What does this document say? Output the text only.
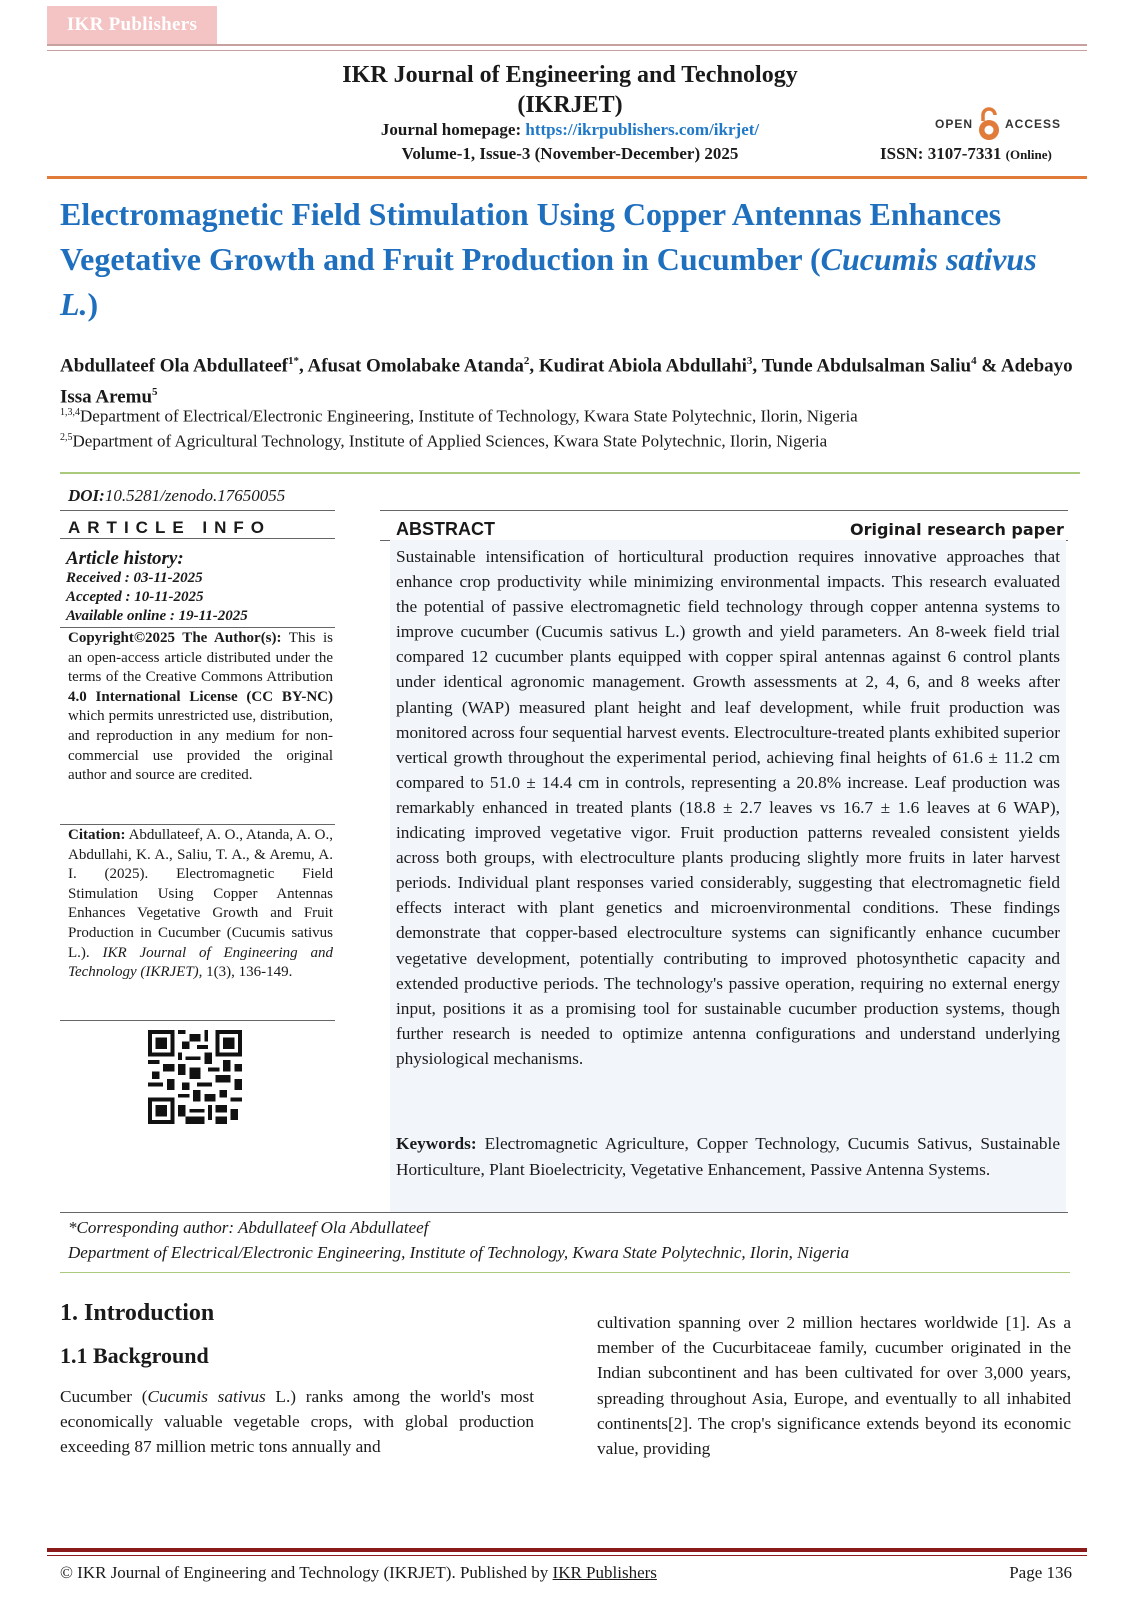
IKR Publishers
IKR Journal of Engineering and Technology
(IKRJET)
Journal homepage: https://ikrpublishers.com/ikrjet/
Volume-1, Issue-3 (November-December) 2025
OPEN	ACCESS
ISSN: 3107-7331 (Online)
Electromagnetic Field Stimulation Using Copper Antennas Enhances Vegetative Growth and Fruit Production in Cucumber (Cucumis sativus L.)
Abdullateef Ola Abdullateef$^{1*}$, Afusat Omolabake Atanda$^2$, Kudirat Abiola Abdullahi$^3$, Tunde Abdulsalman Saliu$^4$ & Adebayo Issa Aremu$^5$
$^{1,3,4}$Department of Electrical/Electronic Engineering, Institute of Technology, Kwara State Polytechnic, Ilorin, Nigeria
$^{2,5}$Department of Agricultural Technology, Institute of Applied Sciences, Kwara State Polytechnic, Ilorin, Nigeria
DOI:10.5281/zenodo.17650055
ARTICLE INFO
Article history:
Received : 03-11-2025
Accepted : 10-11-2025
Available online : 19-11-2025
Copyright©2025 The Author(s): This is an open-access article distributed under the terms of the Creative Commons Attribution 4.0 International License (CC BY-NC) which permits unrestricted use, distribution, and reproduction in any medium for non-commercial use provided the original author and source are credited.
Citation: Abdullateef, A. O., Atanda, A. O., Abdullahi, K. A., Saliu, T. A., & Aremu, A. I. (2025). Electromagnetic Field Stimulation Using Copper Antennas Enhances Vegetative Growth and Fruit Production in Cucumber (Cucumis sativus L.). IKR Journal of Engineering and Technology (IKRJET), 1(3), 136-149.
ABSTRACT	Original research paper
Sustainable intensification of horticultural production requires innovative approaches that enhance crop productivity while minimizing environmental impacts. This research evaluated the potential of passive electromagnetic field technology through copper antenna systems to improve cucumber (Cucumis sativus L.) growth and yield parameters. An 8-week field trial compared 12 cucumber plants equipped with copper spiral antennas against 6 control plants under identical agronomic management. Growth assessments at 2, 4, 6, and 8 weeks after planting (WAP) measured plant height and leaf development, while fruit production was monitored across four sequential harvest events. Electroculture-treated plants exhibited superior vertical growth throughout the experimental period, achieving final heights of 61.6 ± 11.2 cm compared to 51.0 ± 14.4 cm in controls, representing a 20.8% increase. Leaf production was remarkably enhanced in treated plants (18.8 ± 2.7 leaves vs 16.7 ± 1.6 leaves at 6 WAP), indicating improved vegetative vigor. Fruit production patterns revealed consistent yields across both groups, with electroculture plants producing slightly more fruits in later harvest periods. Individual plant responses varied considerably, suggesting that electromagnetic field effects interact with plant genetics and microenvironmental conditions. These findings demonstrate that copper-based electroculture systems can significantly enhance cucumber vegetative development, potentially contributing to improved photosynthetic capacity and extended productive periods. The technology's passive operation, requiring no external energy input, positions it as a promising tool for sustainable cucumber production systems, though further research is needed to optimize antenna configurations and understand underlying physiological mechanisms.
Keywords: Electromagnetic Agriculture, Copper Technology, Cucumis Sativus, Sustainable Horticulture, Plant Bioelectricity, Vegetative Enhancement, Passive Antenna Systems.
*Corresponding author: Abdullateef Ola Abdullateef
Department of Electrical/Electronic Engineering, Institute of Technology, Kwara State Polytechnic, Ilorin, Nigeria
1. Introduction
1.1 Background
Cucumber (Cucumis sativus L.) ranks among the world's most economically valuable vegetable crops, with global production exceeding 87 million metric tons annually and
cultivation spanning over 2 million hectares worldwide [1]. As a member of the Cucurbitaceae family, cucumber originated in the Indian subcontinent and has been cultivated for over 3,000 years, spreading throughout Asia, Europe, and eventually to all inhabited continents[2]. The crop's significance extends beyond its economic value, providing
© IKR Journal of Engineering and Technology (IKRJET). Published by IKR Publishers	Page 136
